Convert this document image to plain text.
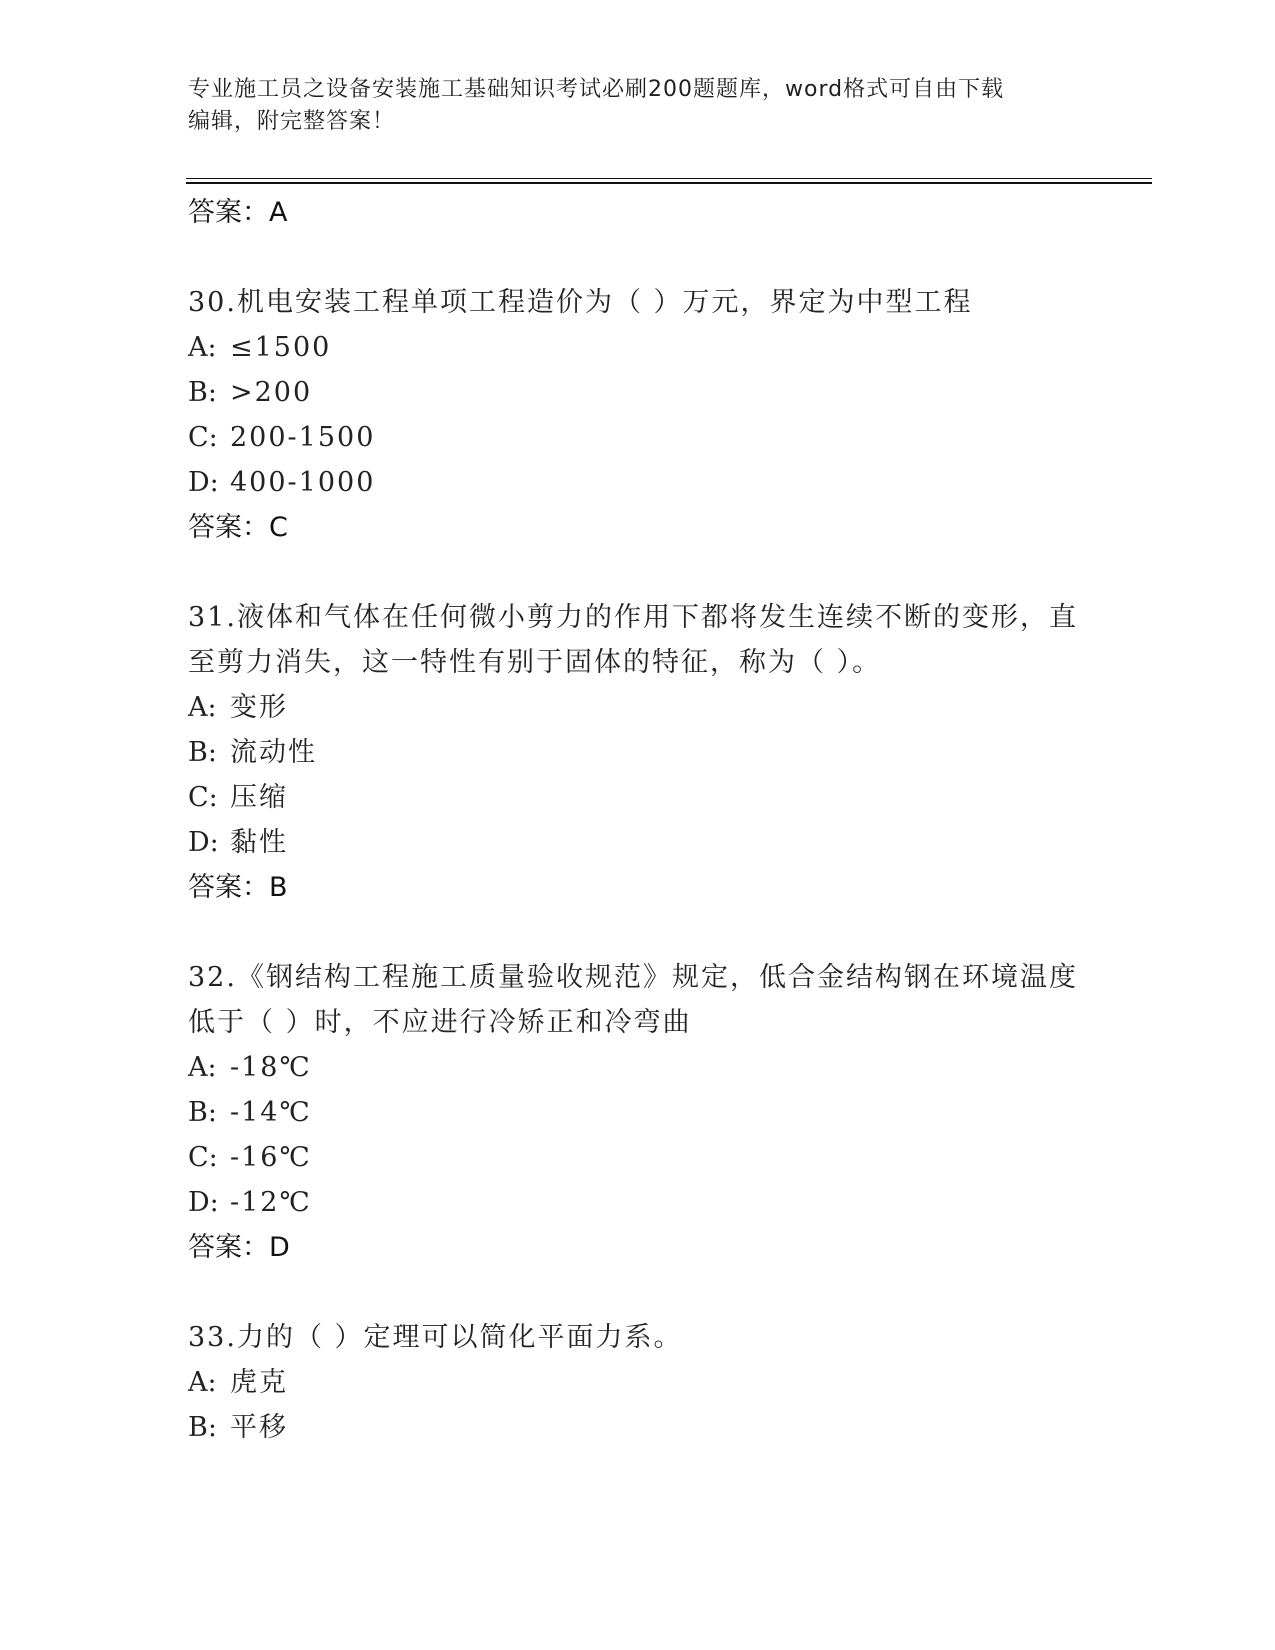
专业施工员之设备安装施工基础知识考试必刷200题题库，word格式可自由下载
编辑，附完整答案！
答案：A
30.机电安装工程单项工程造价为（ ）万元，界定为中型工程
A: ≤1500
B: >200
C: 200-1500
D: 400-1000
答案：C
31.液体和气体在任何微小剪力的作用下都将发生连续不断的变形，直
至剪力消失，这一特性有别于固体的特征，称为（ ）。
A: 变形
B: 流动性
C: 压缩
D: 黏性
答案：B
32.《钢结构工程施工质量验收规范》规定，低合金结构钢在环境温度
低于（ ）时，不应进行冷矫正和冷弯曲
A: -18℃
B: -14℃
C: -16℃
D: -12℃
答案：D
33.力的（ ）定理可以简化平面力系。
A: 虎克
B: 平移
